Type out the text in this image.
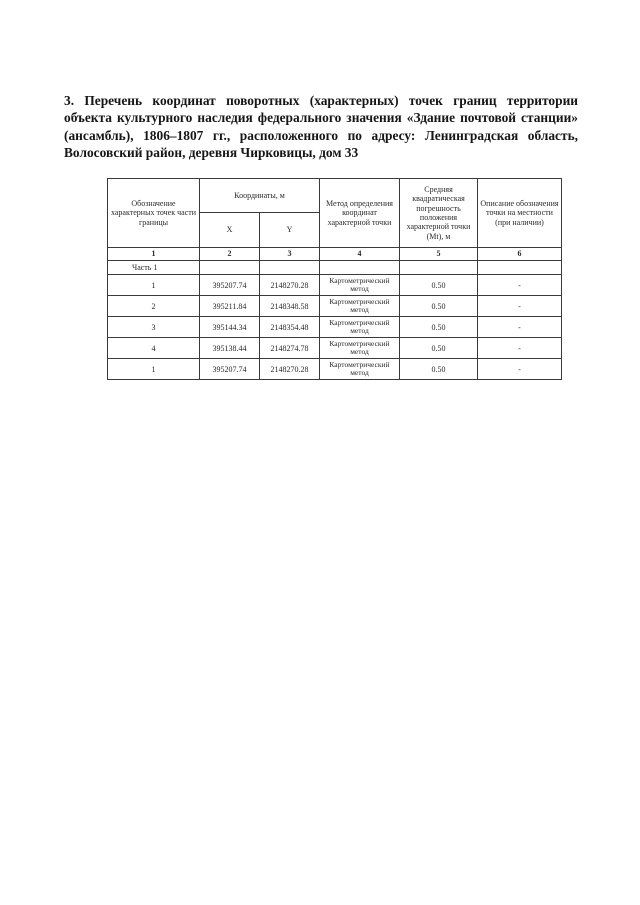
3. Перечень координат поворотных (характерных) точек границ территории объекта культурного наследия федерального значения «Здание почтовой станции» (ансамбль), 1806–1807 гг., расположенного по адресу: Ленинградская область, Волосовский район, деревня Чирковицы, дом 33

Обозначение характерных точек части границы	Координаты, м		Метод определения координат характерной точки	Средняя квадратическая погрешность положения характерной точки (Mt), м	Описание обозначения точки на местности (при наличии)
	X	Y			
1	2	3	4	5	6
Часть 1					
1	395207.74	2148270.28	Картометрический метод	0.50	-
2	395211.84	2148348.58	Картометрический метод	0.50	-
3	395144.34	2148354.48	Картометрический метод	0.50	-
4	395138.44	2148274.78	Картометрический метод	0.50	-
1	395207.74	2148270.28	Картометрический метод	0.50	-
